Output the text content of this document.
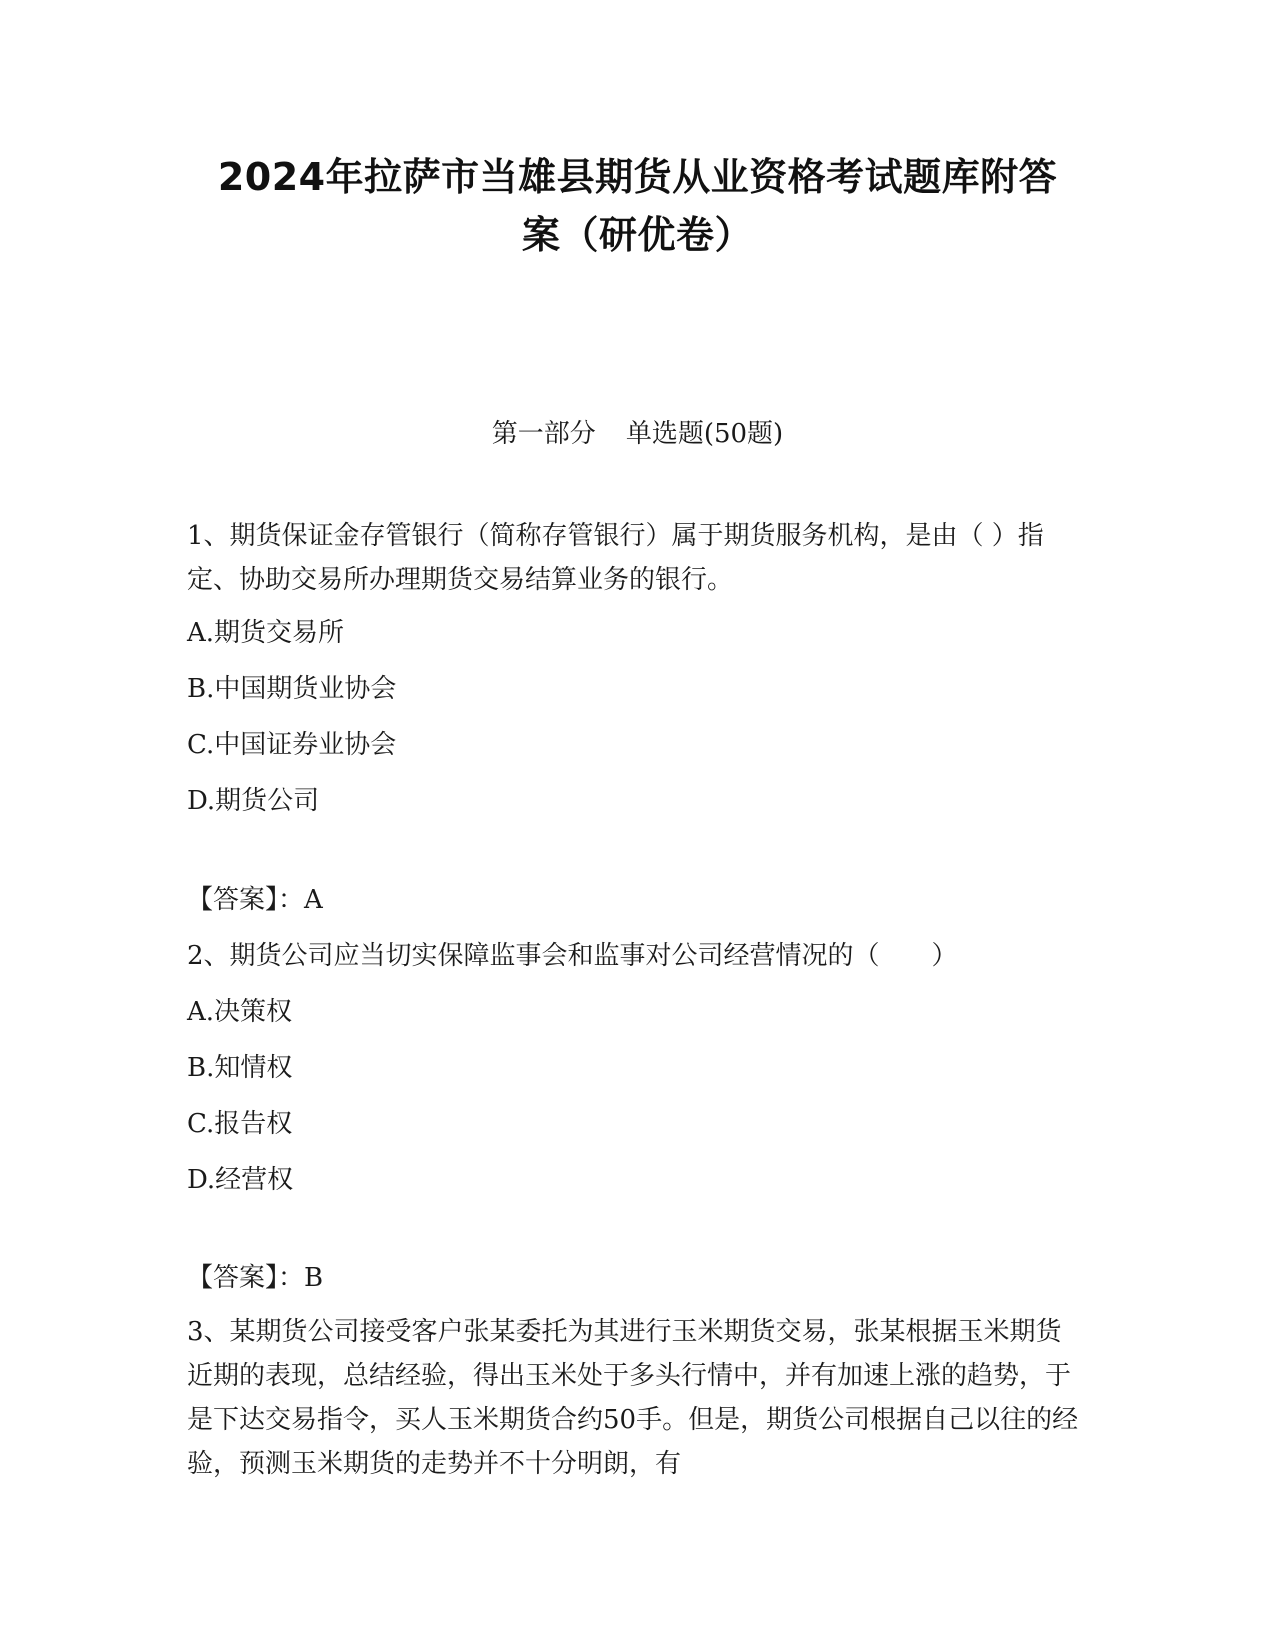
2024年拉萨市当雄县期货从业资格考试题库附答
案（研优卷）
第一部分 单选题(50题)

1、期货保证金存管银行（简称存管银行）属于期货服务机构，是由（ ）指定、协助交易所办理期货交易结算业务的银行。

A.期货交易所

B.中国期货业协会

C.中国证券业协会

D.期货公司

【答案】：A

2、期货公司应当切实保障监事会和监事对公司经营情况的（　　）

A.决策权

B.知情权

C.报告权

D.经营权

【答案】：B

3、某期货公司接受客户张某委托为其进行玉米期货交易，张某根据玉米期货近期的表现，总结经验，得出玉米处于多头行情中，并有加速上涨的趋势，于是下达交易指令，买人玉米期货合约50手。但是，期货公司根据自己以往的经验，预测玉米期货的走势并不十分明朗，有
